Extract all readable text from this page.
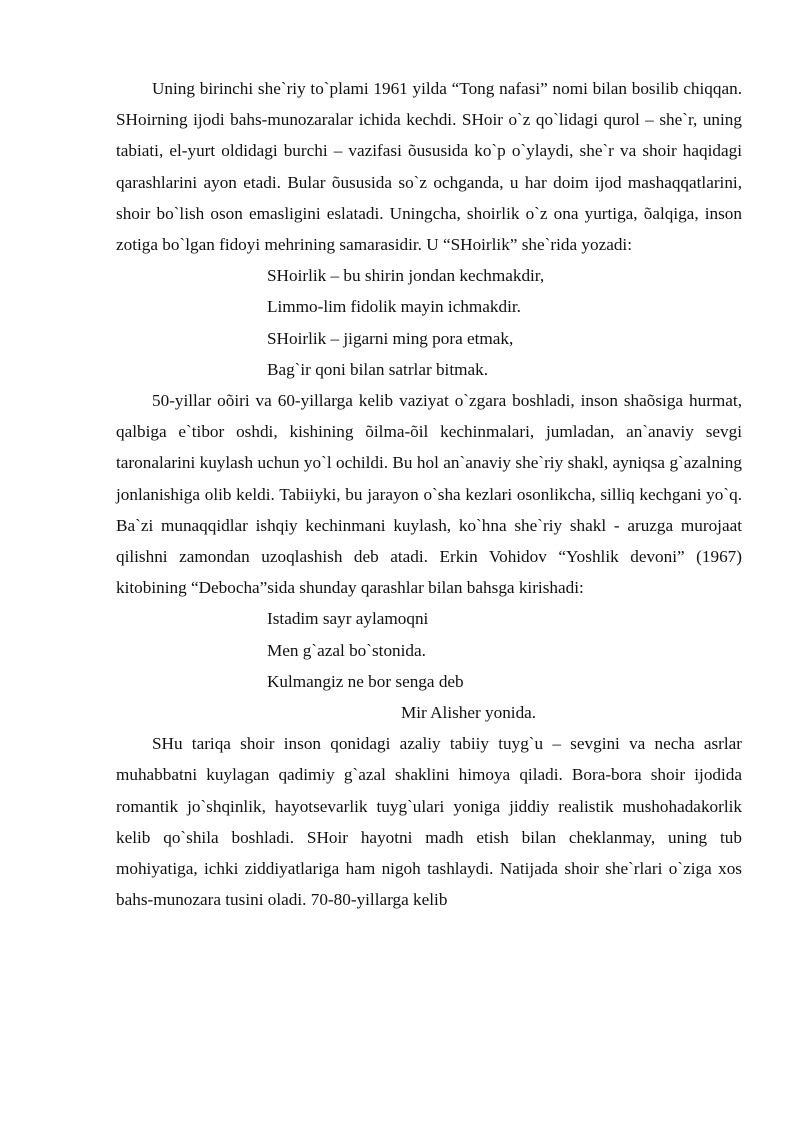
Uning birinchi she`riy to`plami 1961 yilda “Tong nafasi” nomi bilan bosilib chiqqan. SHoirning ijodi bahs-munozaralar ichida kechdi. SHoir o`z qo`lidagi qurol – she`r, uning tabiati, el-yurt oldidagi burchi – vazifasi õususida ko`p o`ylaydi, she`r va shoir haqidagi qarashlarini ayon etadi. Bular õususida so`z ochganda, u har doim ijod mashaqqatlarini, shoir bo`lish oson emasligini eslatadi. Uningcha, shoirlik o`z ona yurtiga, õalqiga, inson zotiga bo`lgan fidoyi mehrining samarasidir. U “SHoirlik” she`rida yozadi:

SHoirlik – bu shirin jondan kechmakdir,
Limmo-lim fidolik mayin ichmakdir.
SHoirlik – jigarni ming pora etmak,
Bag`ir qoni bilan satrlar bitmak.

50-yillar oõiri va 60-yillarga kelib vaziyat o`zgara boshladi, inson shaõsiga hurmat, qalbiga e`tibor oshdi, kishining õilma-õil kechinmalari, jumladan, an`anaviy sevgi taronalarini kuylash uchun yo`l ochildi. Bu hol an`anaviy she`riy shakl, ayniqsa g`azalning jonlanishiga olib keldi. Tabiiyki, bu jarayon o`sha kezlari osonlikcha, silliq kechgani yo`q. Ba`zi munaqqidlar ishqiy kechinmani kuylash, ko`hna she`riy shakl - aruzga murojaat qilishni zamondan uzoqlashish deb atadi. Erkin Vohidov “Yoshlik devoni” (1967) kitobining “Debocha”sida shunday qarashlar bilan bahsga kirishadi:

Istadim sayr aylamoqni
Men g`azal bo`stonida.
Kulmangiz ne bor senga deb
Mir Alisher yonida.

SHu tariqa shoir inson qonidagi azaliy tabiiy tuyg`u – sevgini va necha asrlar muhabbatni kuylagan qadimiy g`azal shaklini himoya qiladi. Bora-bora shoir ijodida romantik jo`shqinlik, hayotsevarlik tuyg`ulari yoniga jiddiy realistik mushohadakorlik kelib qo`shila boshladi. SHoir hayotni madh etish bilan cheklanmay, uning tub mohiyatiga, ichki ziddiyatlariga ham nigoh tashlaydi. Natijada shoir she`rlari o`ziga xos bahs-munozara tusini oladi. 70-80-yillarga kelib
